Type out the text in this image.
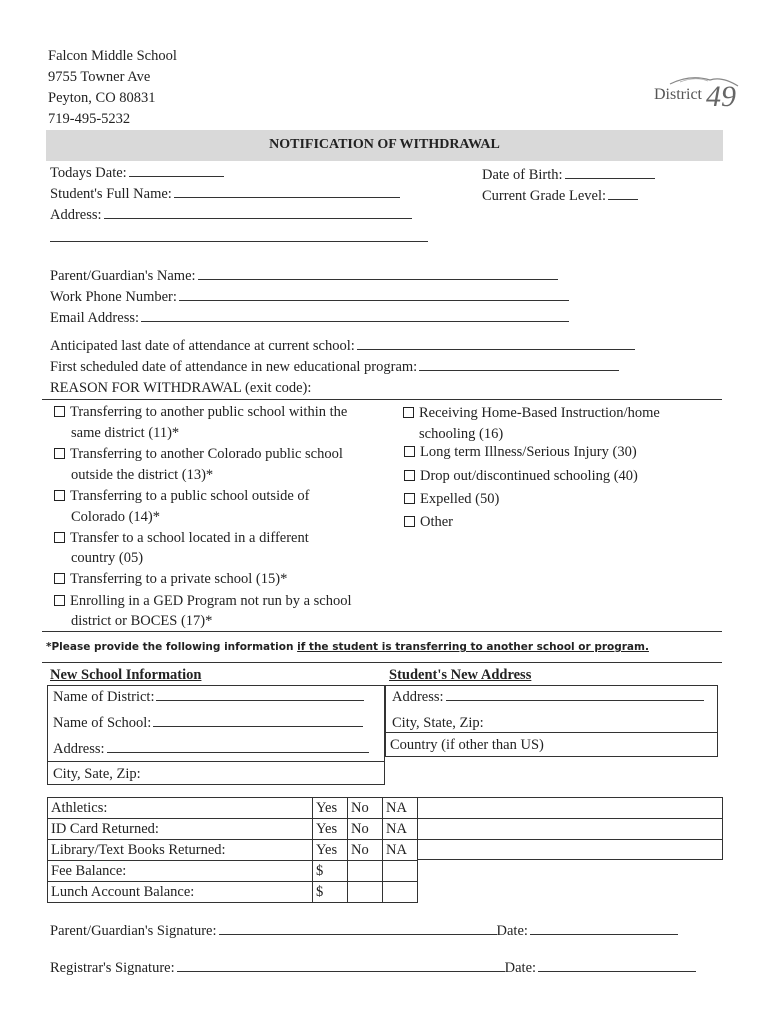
Falcon Middle School
9755 Towner Ave
Peyton, CO 80831
719-495-5232
District 49
NOTIFICATION OF WITHDRAWAL
Todays Date:
Student's Full Name:
Address:
Date of Birth:
Current Grade Level:
Parent/Guardian's Name:
Work Phone Number:
Email Address:
Anticipated last date of attendance at current school:
First scheduled date of attendance in new educational program:
REASON FOR WITHDRAWAL (exit code):
Transferring to another public school within the
same district (11)*
Transferring to another Colorado public school
outside the district (13)*
Transferring to a public school outside of
Colorado (14)*
Transfer to a school located in a different
country (05)
Transferring to a private school (15)*
Enrolling in a GED Program not run by a school
district or BOCES (17)*
Receiving Home-Based Instruction/home
schooling (16)
Long term Illness/Serious Injury (30)
Drop out/discontinued schooling (40)
Expelled (50)
Other
*Please provide the following information if the student is transferring to another school or program.
New School Information
Name of District:
Name of School:
Address:
City, Sate, Zip:
Student's New Address
Address:
City, State, Zip:
Country (if other than US)
Athletics:	Yes No	NA
ID Card Returned:	Yes No	NA
Library/Text Books Returned:	Yes No	NA
Fee Balance:	$
Lunch Account Balance:	$
Parent/Guardian's Signature:	Date:
Registrar's Signature:	Date:
